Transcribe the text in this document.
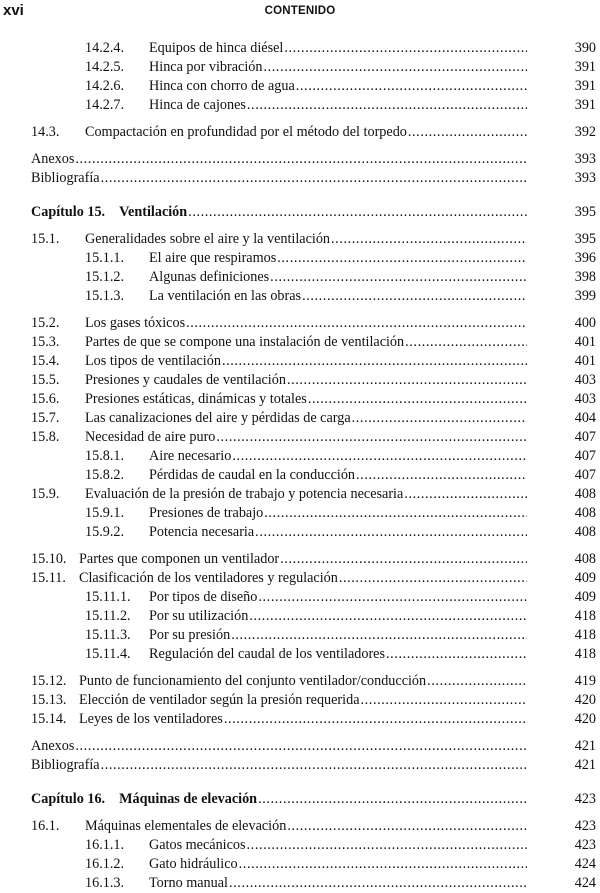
xvi	CONTENIDO
14.2.4.	Equipos de hinca diésel .....	390
14.2.5.	Hinca por vibración .....	391
14.2.6.	Hinca con chorro de agua .....	391
14.2.7.	Hinca de cajones .....	391
14.3.	Compactación en profundidad por el método del torpedo .....	392
Anexos .....	393
Bibliografía .....	393
Capítulo 15. Ventilación .....	395
15.1.	Generalidades sobre el aire y la ventilación .....	395
15.1.1.	El aire que respiramos .....	396
15.1.2.	Algunas definiciones .....	398
15.1.3.	La ventilación en las obras .....	399
15.2.	Los gases tóxicos .....	400
15.3.	Partes de que se compone una instalación de ventilación .....	401
15.4.	Los tipos de ventilación .....	401
15.5.	Presiones y caudales de ventilación .....	403
15.6.	Presiones estáticas, dinámicas y totales .....	403
15.7.	Las canalizaciones del aire y pérdidas de carga .....	404
15.8.	Necesidad de aire puro .....	407
15.8.1.	Aire necesario .....	407
15.8.2.	Pérdidas de caudal en la conducción .....	407
15.9.	Evaluación de la presión de trabajo y potencia necesaria .....	408
15.9.1.	Presiones de trabajo .....	408
15.9.2.	Potencia necesaria .....	408
15.10. Partes que componen un ventilador .....	408
15.11. Clasificación de los ventiladores y regulación .....	409
15.11.1.	Por tipos de diseño .....	409
15.11.2.	Por su utilización .....	418
15.11.3.	Por su presión .....	418
15.11.4.	Regulación del caudal de los ventiladores .....	418
15.12. Punto de funcionamiento del conjunto ventilador/conducción .....	419
15.13. Elección de ventilador según la presión requerida .....	420
15.14. Leyes de los ventiladores .....	420
Anexos .....	421
Bibliografía .....	421
Capítulo 16. Máquinas de elevación .....	423
16.1.	Máquinas elementales de elevación .....	423
16.1.1.	Gatos mecánicos .....	423
16.1.2.	Gato hidráulico .....	424
16.1.3.	Torno manual .....	424
